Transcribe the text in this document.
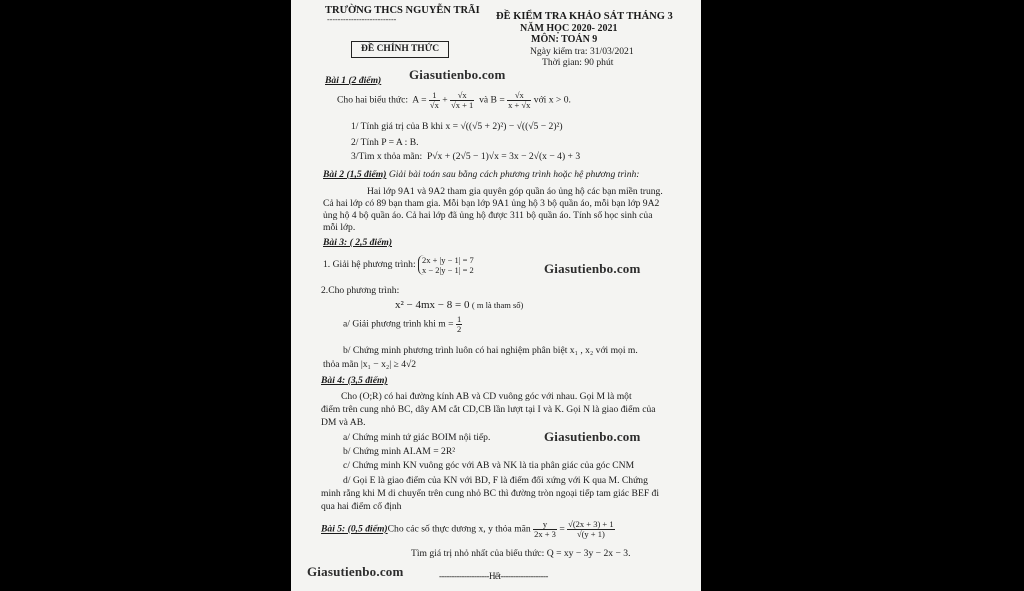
TRƯỜNG THCS NGUYỄN TRÃI
--------------------------	ĐỀ KIỂM TRA KHẢO SÁT THÁNG 3
NĂM HỌC 2020- 2021
MÔN: TOÁN 9
ĐỀ CHÍNH THỨC	Ngày kiểm tra: 31/03/2021
Thời gian: 90 phút
Giasutienbo.com
Bài 1 (2 điểm)
Cho hai biểu thức: $A = \frac{1}{√x} + \frac{√x}{√x + 1}$ và $B = \frac{√x}{x + √x}$ với x > 0.
1/ Tính giá trị của B khi x = √((√5 + 2)²) − √((√5 − 2)²)
2/ Tính P = A : B.
3/Tìm x thỏa mãn: P√x + (2√5 − 1)√x = 3x − 2√(x − 4) + 3
Bài 2 (1,5 điểm) Giải bài toán sau bằng cách phương trình hoặc hệ phương trình:
Hai lớp 9A1 và 9A2 tham gia quyên góp quần áo ủng hộ các bạn miền trung.
Cả hai lớp có 89 bạn tham gia. Mỗi bạn lớp 9A1 ủng hộ 3 bộ quần áo, mỗi bạn lớp 9A2
ủng hộ 4 bộ quần áo. Cả hai lớp đã ủng hộ được 311 bộ quần áo. Tính số học sinh của
mỗi lớp.
Bài 3: ( 2,5 điểm)
1. Giải hệ phương trình: 2x + |y − 1| = 7
x − 2|y − 1| = 2	Giasutienbo.com
2.Cho phương trình:
x² − 4mx − 8 = 0 ( m là tham số)
a/ Giải phương trình khi $m = \frac{1}{2}$
b/ Chứng minh phương trình luôn có hai nghiệm phân biệt x₁ , x₂ với mọi m.
thỏa mãn |x₁ − x₂| ≥ 4√2
Bài 4: (3,5 điểm)
Cho (O;R) có hai đường kính AB và CD vuông góc với nhau. Gọi M là một
điểm trên cung nhỏ BC, dây AM cắt CD,CB lần lượt tại I và K. Gọi N là giao điểm của
DM và AB.
a/ Chứng minh tứ giác BOIM nội tiếp.	Giasutienbo.com
b/ Chứng minh AI.AM = 2R²
c/ Chứng minh KN vuông góc với AB và NK là tia phân giác của góc CNM
d/ Gọi E là giao điểm của KN với BD, F là điểm đối xứng với K qua M. Chứng
minh rằng khi M di chuyển trên cung nhỏ BC thì đường tròn ngoại tiếp tam giác BEF đi
qua hai điểm cố định
Bài 5: (0,5 điểm)Cho các số thực dương x, y thỏa mãn $\frac{y}{2x + 3} = \frac{√(2x + 3) + 1}{√(y + 1)}$
Tìm giá trị nhỏ nhất của biểu thức: Q = xy − 3y − 2x − 3.
Giasutienbo.com	--------------------Hết-------------------
